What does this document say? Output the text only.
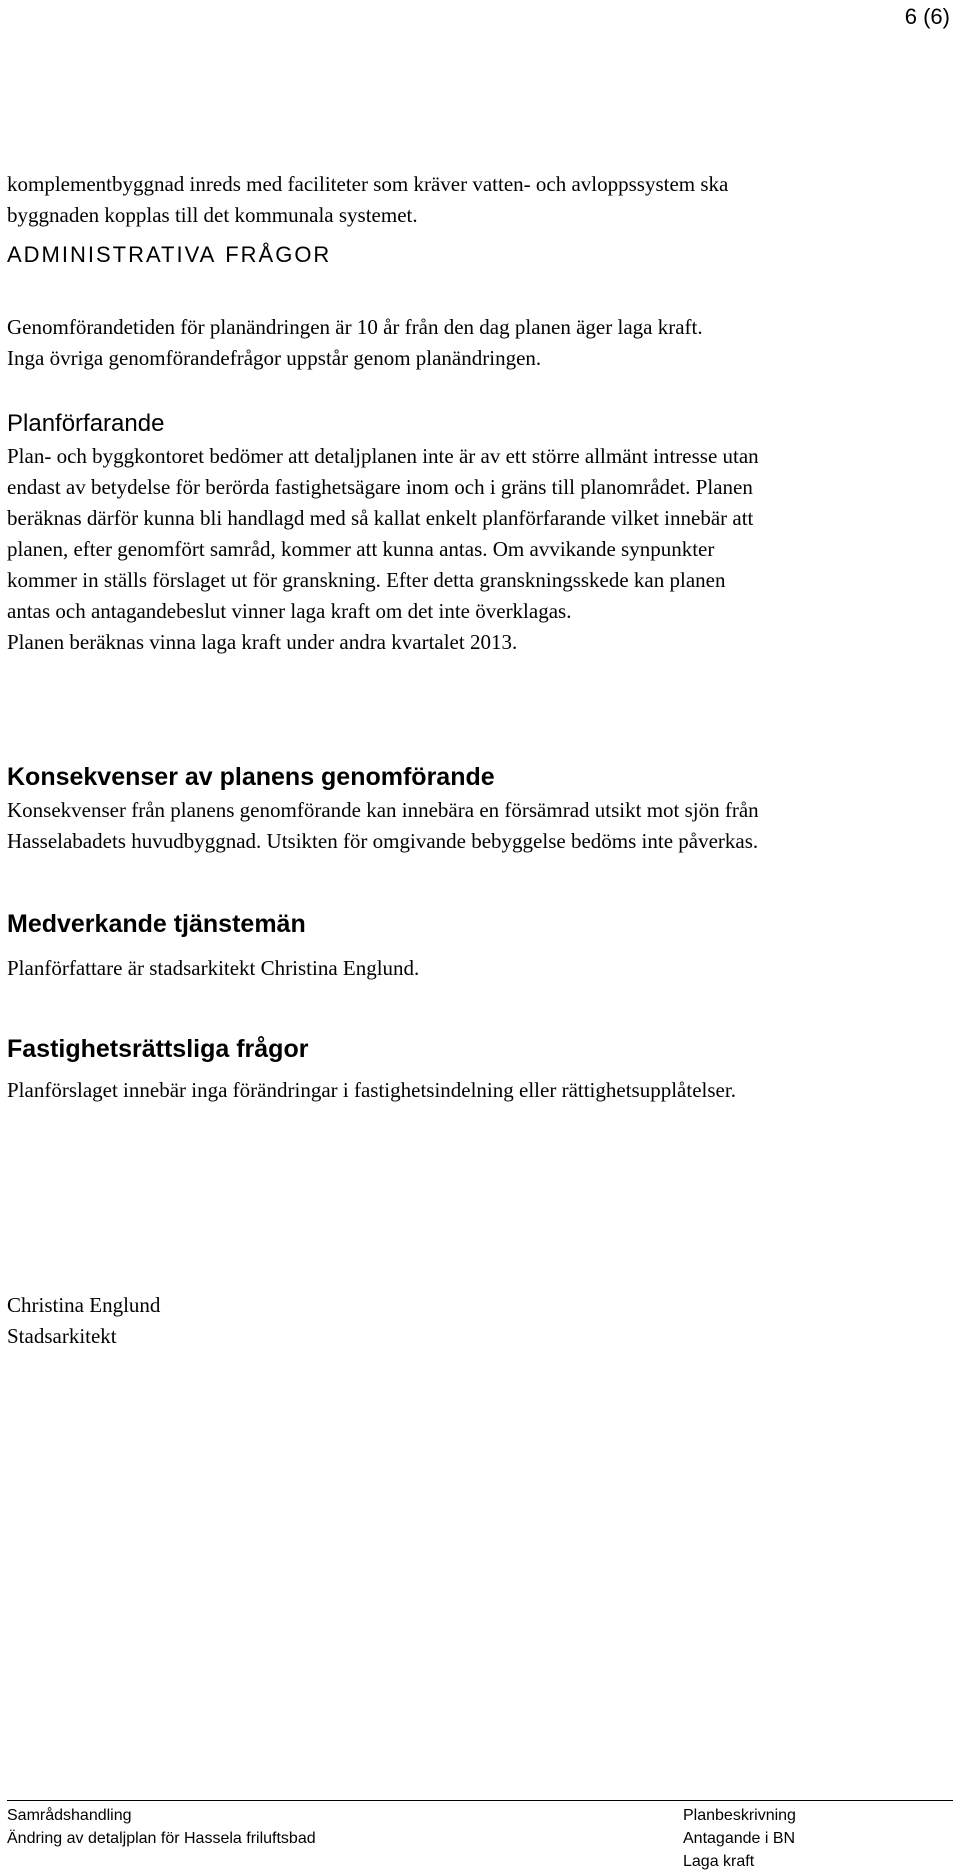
6 (6)
komplementbyggnad inreds med faciliteter som kräver vatten- och avloppssystem ska
byggnaden kopplas till det kommunala systemet.
ADMINISTRATIVA FRÅGOR
Genomförandetiden för planändringen är 10 år från den dag planen äger laga kraft.
Inga övriga genomförandefrågor uppstår genom planändringen.
Planförfarande
Plan- och byggkontoret bedömer att detaljplanen inte är av ett större allmänt intresse utan
endast av betydelse för berörda fastighetsägare inom och i gräns till planområdet. Planen
beräknas därför kunna bli handlagd med så kallat enkelt planförfarande vilket innebär att
planen, efter genomfört samråd, kommer att kunna antas. Om avvikande synpunkter
kommer in ställs förslaget ut för granskning. Efter detta granskningsskede kan planen
antas och antagandebeslut vinner laga kraft om det inte överklagas.
Planen beräknas vinna laga kraft under andra kvartalet 2013.
Konsekvenser av planens genomförande
Konsekvenser från planens genomförande kan innebära en försämrad utsikt mot sjön från
Hasselabadets huvudbyggnad. Utsikten för omgivande bebyggelse bedöms inte påverkas.
Medverkande tjänstemän
Planförfattare är stadsarkitekt Christina Englund.
Fastighetsrättsliga frågor
Planförslaget innebär inga förändringar i fastighetsindelning eller rättighetsupplåtelser.
Christina Englund
Stadsarkitekt
Samrådshandling
Ändring av detaljplan för Hassela friluftsbad
Planbeskrivning
Antagande i BN
Laga kraft
